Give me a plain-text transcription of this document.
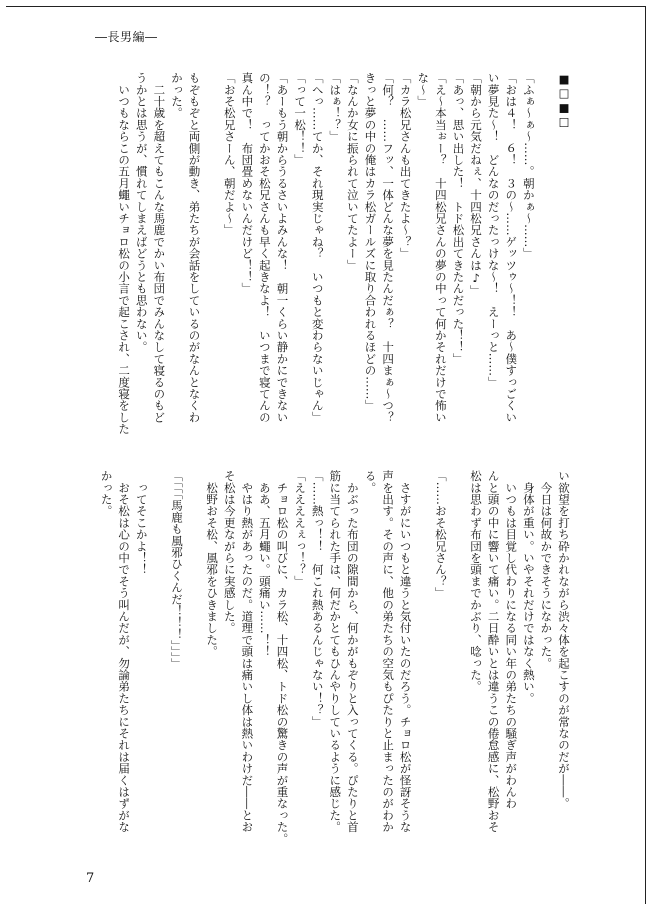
―長男編―
■□■□

「ふぁ～ぁ～……。朝かぁ～……」
「おは４！　６！　３の～……ゲッツゥ～！！　あ～僕すっごくい
い夢見た～！　どんなのだったっけな～！　えーっと……」
「朝から元気だねぇ、十四松兄さんは♪」
「あっ、思い出した！　トド松出てきたんだった！！」
「え～本当ぉー？　十四松兄さんの夢の中って何かそれだけで怖い
な～」
「カラ松兄さんも出てきたよ～？」
「何？　……フッ、一体どんな夢を見たんだぁ？　十四まぁ～つ？
きっと夢の中の俺はカラ松ガールズに取り合われるほどの……」
「なんか女に振られて泣いてたよー」
「はぁ！？」
「へっ……てか、それ現実じゃね？　いつもと変わらないじゃん」
「って一松！！」
「あーもう朝からうるさいよみんな！　朝一くらい静かにできない
の！？　ってかおそ松兄さんも早く起きなよ！　いつまで寝てんの
真ん中で！　布団畳めないんだけど！！」
「おそ松兄さーん、朝だよ～」

もぞもぞと両側が動き、弟たちが会話をしているのがなんとなくわ
かった。
　二十歳を超えてもこんな馬鹿でかい布団でみんなして寝るのもど
うかとは思うが、慣れてしまえばどうとも思わない。
　いつもならこの五月蠅いチョロ松の小言で起こされ、二度寝をした
い欲望を打ち砕かれながら渋々体を起こすのが常なのだが――。
　今日は何故かできそうになかった。
　身体が重い。いやそれだけではなく熱い。
　いつもは目覚し代わりになる同い年の弟たちの騒ぎ声がわんわ
んと頭の中に響いて痛い。二日酔いとは違うこの倦怠感に、松野おそ
松は思わず布団を頭までかぶり、唸った。

「……おそ松兄さん？」

　さすがにいつもと違うと気付いたのだろう。チョロ松が怪訝そうな
声を出す。その声に、他の弟たちの空気もぴたりと止まったのがわか
る。
　かぶった布団の隙間から、何かがもぞりと入ってくる。ぴたりと首
筋に当てられた手は、何だかとてもひんやりしているように感じた。
「……熱っ！！　何これ熱あるんじゃない！？」
「ええええぇっ！？」
　チョロ松の叫びに、カラ松、十四松、トド松の驚きの声が重なった。
　ああ、五月蠅い。頭痛い……！！
　やはり熱があったのだ。道理で頭は痛いし体は熱いわけだ――とお
そ松は今更ながらに実感した。
　松野おそ松、風邪をひきました。

「「「「馬鹿も風邪ひくんだ！！！」」」」

　ってそこかよ！！
　おそ松は心の中でそう叫んだが、勿論弟たちにそれは届くはずがな
かった。
7
